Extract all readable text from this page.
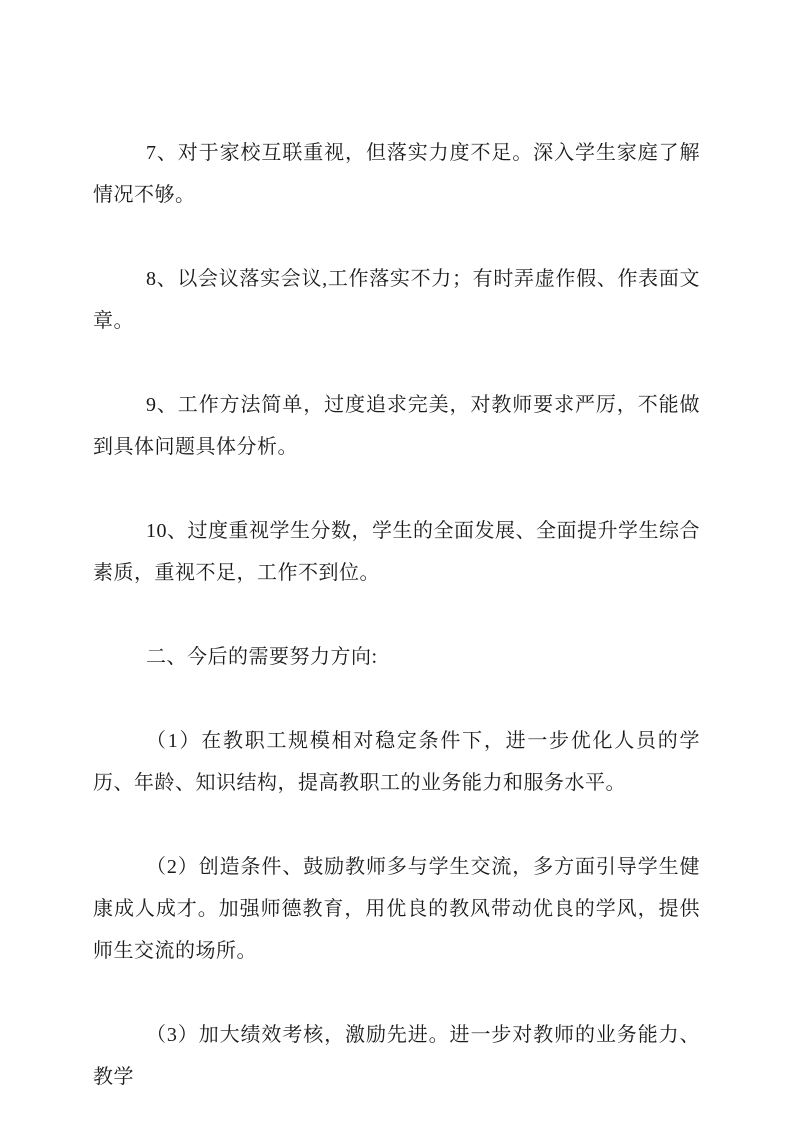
7、对于家校互联重视，但落实力度不足。深入学生家庭了解情况不够。

8、以会议落实会议,工作落实不力；有时弄虚作假、作表面文章。

9、工作方法简单，过度追求完美，对教师要求严厉，不能做到具体问题具体分析。

10、过度重视学生分数，学生的全面发展、全面提升学生综合素质，重视不足，工作不到位。

二、今后的需要努力方向:

（1）在教职工规模相对稳定条件下，进一步优化人员的学历、年龄、知识结构，提高教职工的业务能力和服务水平。

（2）创造条件、鼓励教师多与学生交流，多方面引导学生健康成人成才。加强师德教育，用优良的教风带动优良的学风，提供师生交流的场所。

（3）加大绩效考核，激励先进。进一步对教师的业务能力、教学
